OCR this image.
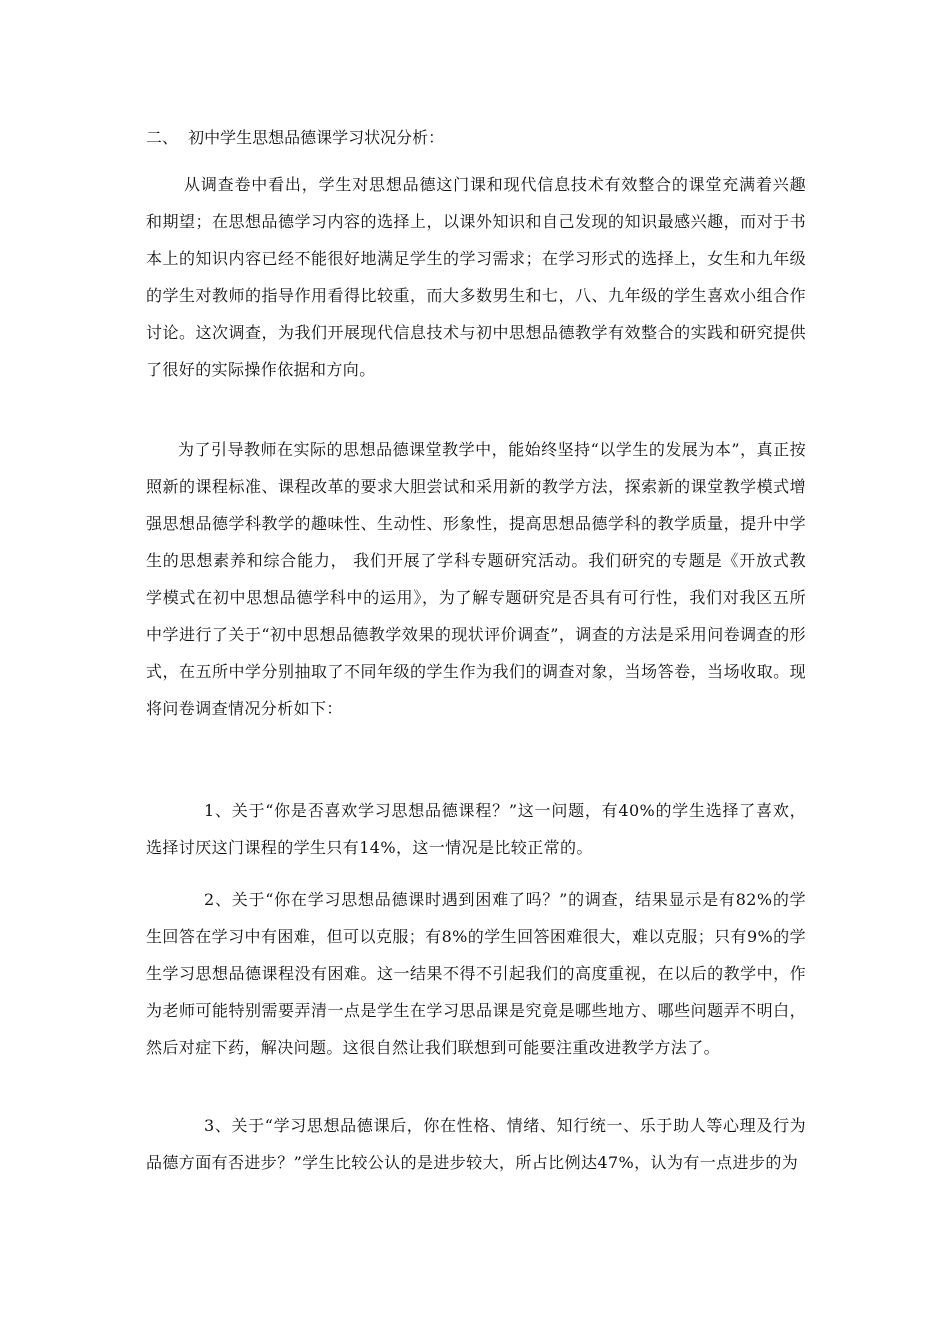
二、  初中学生思想品德课学习状况分析：

从调查卷中看出，学生对思想品德这门课和现代信息技术有效整合的课堂充满着兴趣和期望；在思想品德学习内容的选择上，以课外知识和自己发现的知识最感兴趣，而对于书本上的知识内容已经不能很好地满足学生的学习需求；在学习形式的选择上，女生和九年级的学生对教师的指导作用看得比较重，而大多数男生和七，八、九年级的学生喜欢小组合作讨论。这次调查，为我们开展现代信息技术与初中思想品德教学有效整合的实践和研究提供了很好的实际操作依据和方向。

为了引导教师在实际的思想品德课堂教学中，能始终坚持“以学生的发展为本”，真正按照新的课程标准、课程改革的要求大胆尝试和采用新的教学方法，探索新的课堂教学模式增强思想品德学科教学的趣味性、生动性、形象性，提高思想品德学科的教学质量，提升中学生的思想素养和综合能力， 我们开展了学科专题研究活动。我们研究的专题是《开放式教学模式在初中思想品德学科中的运用》，为了解专题研究是否具有可行性，我们对我区五所中学进行了关于“初中思想品德教学效果的现状评价调查”，调查的方法是采用问卷调查的形式，在五所中学分别抽取了不同年级的学生作为我们的调查对象，当场答卷，当场收取。现将问卷调查情况分析如下：

1、关于“你是否喜欢学习思想品德课程？”这一问题，有40%的学生选择了喜欢，选择讨厌这门课程的学生只有14%，这一情况是比较正常的。

2、关于“你在学习思想品德课时遇到困难了吗？”的调查，结果显示是有82%的学生回答在学习中有困难，但可以克服；有8%的学生回答困难很大，难以克服；只有9%的学生学习思想品德课程没有困难。这一结果不得不引起我们的高度重视，在以后的教学中，作为老师可能特别需要弄清一点是学生在学习思品课是究竟是哪些地方、哪些问题弄不明白，然后对症下药，解决问题。这很自然让我们联想到可能要注重改进教学方法了。

3、关于“学习思想品德课后，你在性格、情绪、知行统一、乐于助人等心理及行为品德方面有否进步？”学生比较公认的是进步较大，所占比例达47%，认为有一点进步的为
